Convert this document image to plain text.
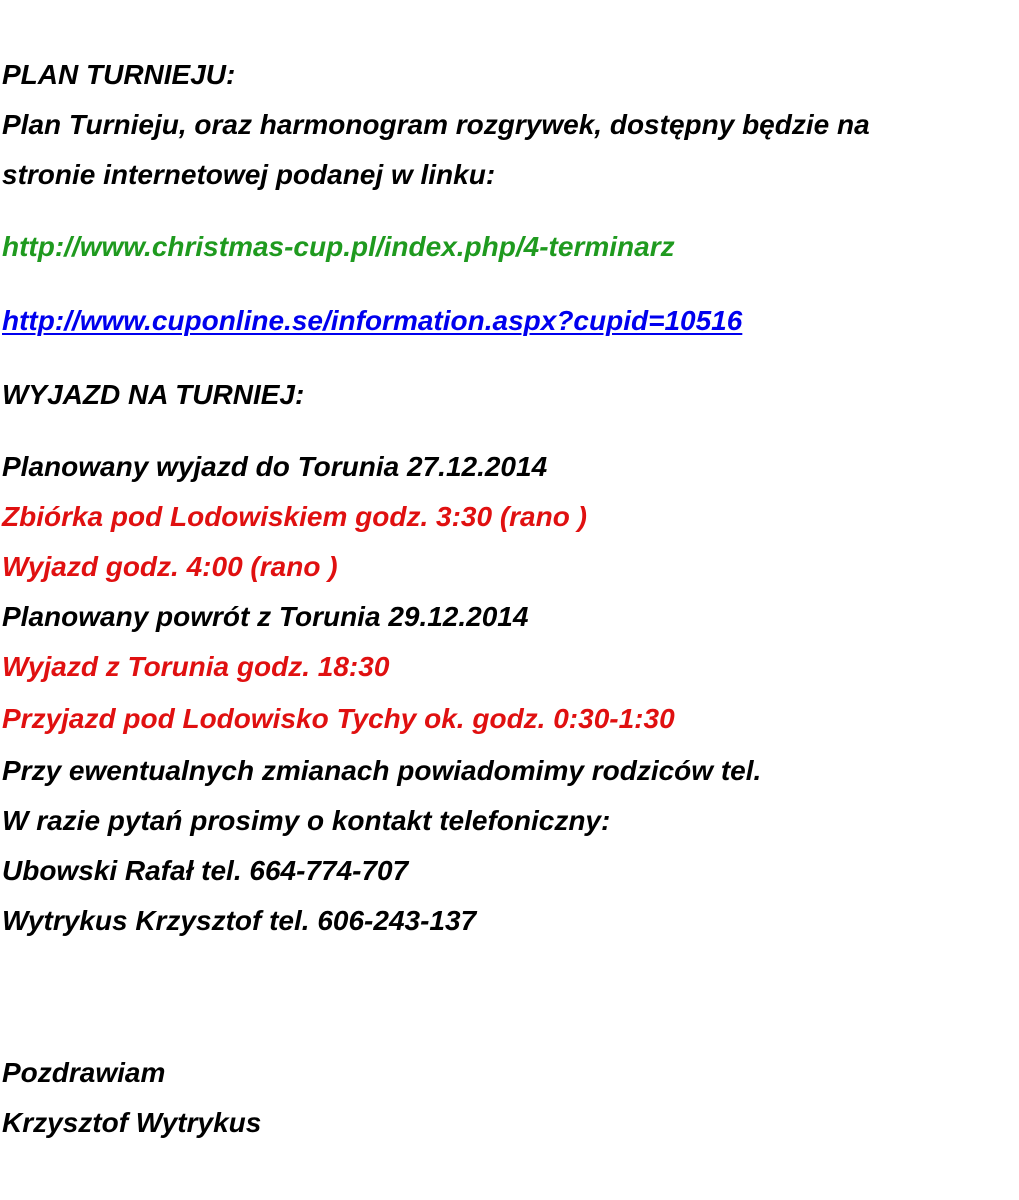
PLAN TURNIEJU:
Plan Turnieju, oraz harmonogram rozgrywek, dostępny będzie na
stronie internetowej podanej w linku:
http://www.christmas-cup.pl/index.php/4-terminarz
http://www.cuponline.se/information.aspx?cupid=10516
WYJAZD NA TURNIEJ:
Planowany wyjazd do Torunia 27.12.2014
Zbiórka pod Lodowiskiem godz. 3:30 (rano )
Wyjazd godz. 4:00 (rano )
Planowany powrót z Torunia 29.12.2014
Wyjazd z Torunia godz. 18:30
Przyjazd pod Lodowisko Tychy ok. godz. 0:30-1:30
Przy ewentualnych zmianach powiadomimy rodziców tel.
W razie pytań prosimy o kontakt telefoniczny:
Ubowski Rafał tel. 664-774-707
Wytrykus Krzysztof tel. 606-243-137
Pozdrawiam
Krzysztof Wytrykus
